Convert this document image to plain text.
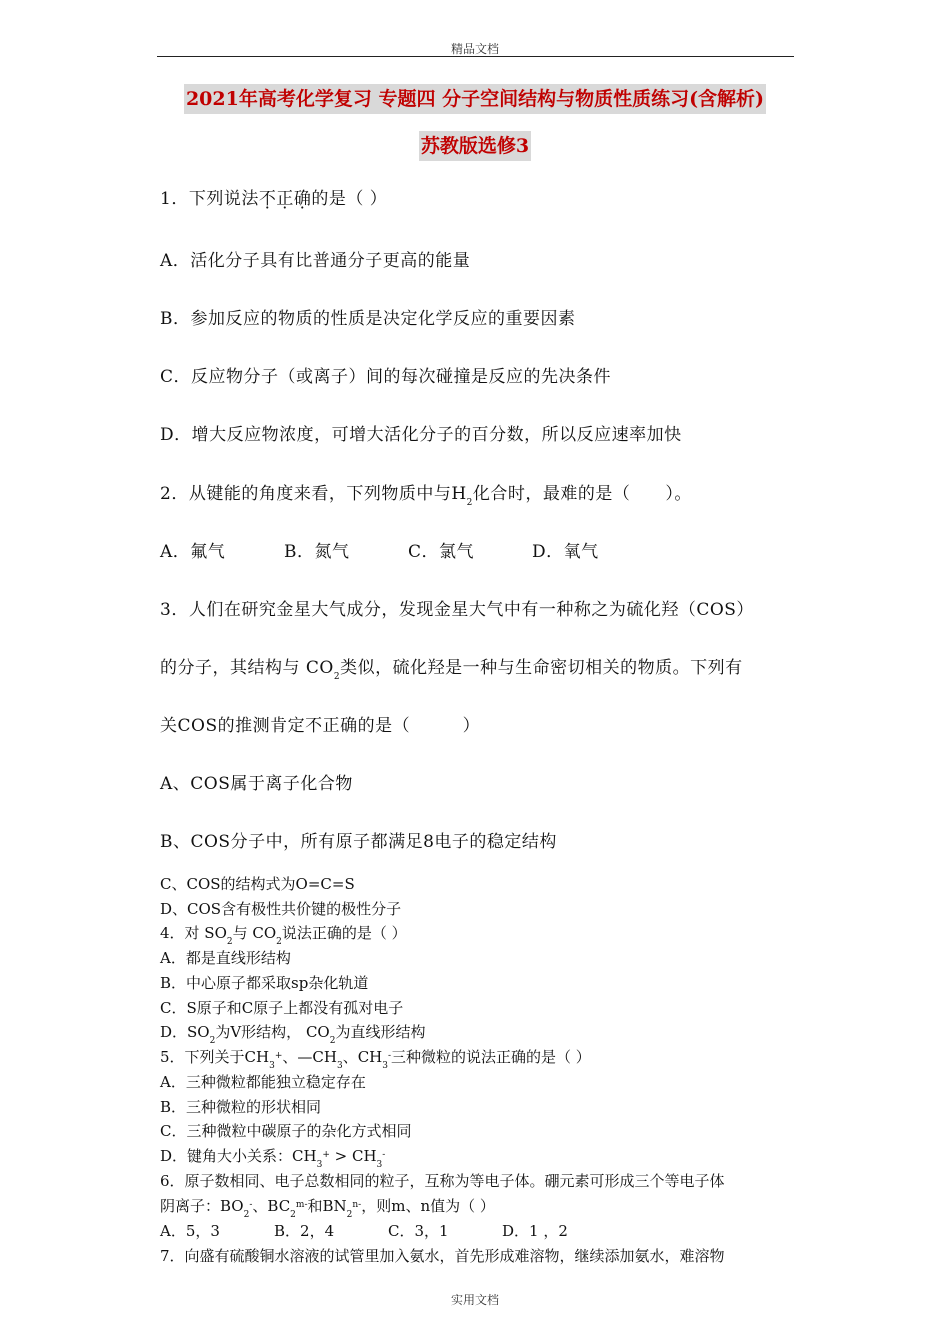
精品文档
2021年高考化学复习 专题四 分子空间结构与物质性质练习(含解析)
苏教版选修3
1．下列说法不正确的是（ ）
A．活化分子具有比普通分子更高的能量
B．参加反应的物质的性质是决定化学反应的重要因素
C．反应物分子（或离子）间的每次碰撞是反应的先决条件
D．增大反应物浓度，可增大活化分子的百分数，所以反应速率加快
2．从键能的角度来看，下列物质中与$H_2$化合时，最难的是（　　）。
A．氟气	B．氮气	C．氯气	D．氧气
3．人们在研究金星大气成分，发现金星大气中有一种称之为硫化羟（COS）
的分子，其结构与 $CO_2$类似，硫化羟是一种与生命密切相关的物质。下列有
关COS的推测肯定不正确的是（　　　）
A、COS属于离子化合物
B、COS分子中，所有原子都满足8电子的稳定结构
C、COS的结构式为O=C=S
D、COS含有极性共价键的极性分子
4．对 $SO_2$与 $CO_2$说法正确的是（ ）
A．都是直线形结构
B．中心原子都采取sp杂化轨道
C．S原子和C原子上都没有孤对电子
D．$SO_2$为V形结构， $CO_2$为直线形结构
5．下列关于$CH_3^+$、$—CH_3$、$CH_3^-$三种微粒的说法正确的是（ ）
A．三种微粒都能独立稳定存在
B．三种微粒的形状相同
C．三种微粒中碳原子的杂化方式相同
D．键角大小关系：$CH_3^+ > CH_3^-$
6．原子数相同、电子总数相同的粒子，互称为等电子体。硼元素可形成三个等电子体
阴离子：$BO_2^-$、$BC_2^{m-}$和$BN_2^{n-}$，则m、n值为（ ）
A．5，3	B．2，4	C．3，1	D．1 ，2
7．向盛有硫酸铜水溶液的试管里加入氨水，首先形成难溶物，继续添加氨水，难溶物
实用文档
